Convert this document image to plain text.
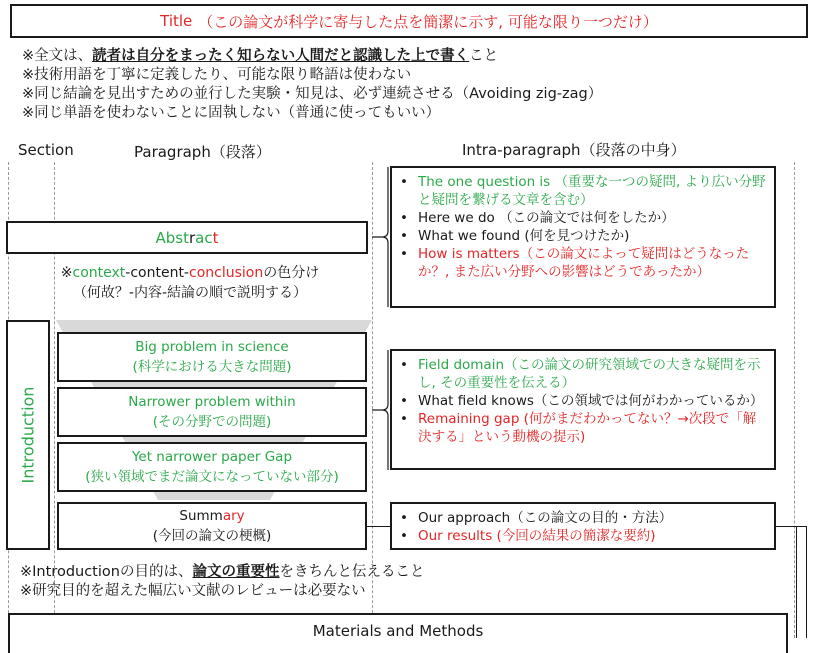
Title （この論文が科学に寄与した点を簡潔に示す, 可能な限り一つだけ）
※全文は、読者は自分をまったく知らない人間だと認識した上で書くこと
※技術用語を丁寧に定義したり、可能な限り略語は使わない
※同じ結論を見出すための並行した実験・知見は、必ず連続させる（Avoiding zig-zag）
※同じ単語を使わないことに固執しない（普通に使ってもいい）
Section	Paragraph（段落）	Intra-paragraph（段落の中身）
Abst r ac t
※context-content-conclusionの色分け
（何故？-内容-結論の順で説明する）
• The one question is （重要な一つの疑問, より広い分野と疑問を繋げる文章を含む）
• Here we do （この論文では何をしたか）
• What we found (何を見つけたか)
• How is matters（この論文によって疑問はどうなったか？, また広い分野への影響はどうであったか）
Introduction
Big problem in science
(科学における大きな問題)
Narrower problem within
(その分野での問題)
Yet narrower paper Gap
(狭い領域でまだ論文になっていない部分)
• Field domain（この論文の研究領域での大きな疑問を示し, その重要性を伝える）
• What field knows（この領域では何がわかっているか）
• Remaining gap (何がまだわかってない？→次段で「解決する」という動機の提示)
Summary
(今回の論文の梗概)
• Our approach（この論文の目的・方法）
• Our results (今回の結果の簡潔な要約)
※Introductionの目的は、論文の重要性をきちんと伝えること
※研究目的を超えた幅広い文献のレビューは必要ない
Materials and Methods
